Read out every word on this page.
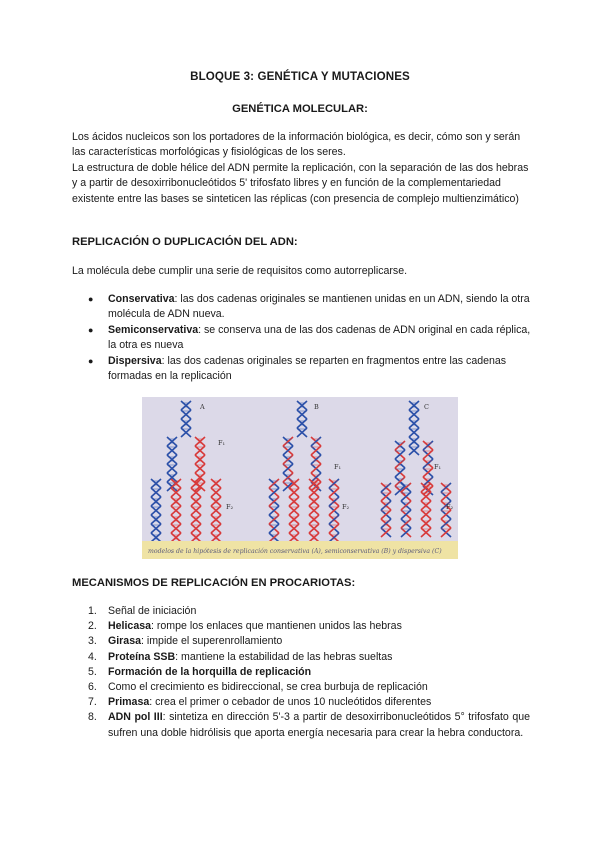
BLOQUE 3: GENÉTICA Y MUTACIONES
GENÉTICA MOLECULAR:

Los ácidos nucleicos son los portadores de la información biológica, es decir, cómo son y serán las características morfológicas y fisiológicas de los seres.

La estructura de doble hélice del ADN permite la replicación, con la separación de las dos hebras y a partir de desoxirribonucleótidos 5' trifosfato libres y en función de la complementariedad existente entre las bases se sinteticen las réplicas (con presencia de complejo multienzimático)

REPLICACIÓN O DUPLICACIÓN DEL ADN:

La molécula debe cumplir una serie de requisitos como autorreplicarse.

● Conservativa: las dos cadenas originales se mantienen unidas en un ADN, siendo la otra molécula de ADN nueva.
● Semiconservativa: se conserva una de las dos cadenas de ADN original en cada réplica, la otra es nueva
● Dispersiva: las dos cadenas originales se reparten en fragmentos entre las cadenas formadas en la replicación
A	B	C
F₁
F₁	F₁
F₂	F₂	F₂
modelos de la hipótesis de replicación conservativa (A), semiconservativa (B) y dispersiva (C)
MECANISMOS DE REPLICACIÓN EN PROCARIOTAS:
1. Señal de iniciación
2. Helicasa: rompe los enlaces que mantienen unidos las hebras
3. Girasa: impide el superenrollamiento
4. Proteína SSB: mantiene la estabilidad de las hebras sueltas
5. Formación de la horquilla de replicación
6. Como el crecimiento es bidireccional, se crea burbuja de replicación
7. Primasa: crea el primer o cebador de unos 10 nucleótidos diferentes
8. ADN pol III: sintetiza en dirección 5'-3 a partir de desoxirribonucleótidos 5° trifosfato que sufren una doble hidrólisis que aporta energía necesaria para crear la hebra conductora.
